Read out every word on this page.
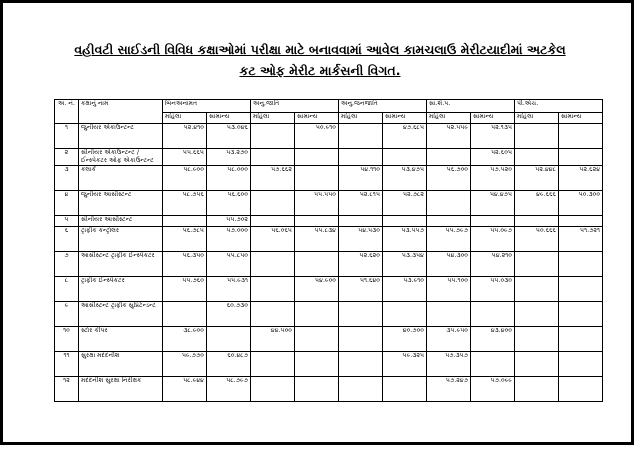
વહીવટી સાઈડની વિવિધ કક્ષાઓમાં પરીક્ષા માટે બનાવવામાં આવેલ કામચલાઉ મેરીટયાદીમાં અટકેલ
કટ ઓફ મેરીટ માર્કસની વિગત.
અ. નં.	કક્ષાનું નામ	બિનઅનામત		અનુ.જાતિ		અનુ.જનજાતિ		સા.શૈ.પ.		પી.એચ.	
		મહિલા	સામાન્ય	મહિલા	સામાન્ય	મહિલા	સામાન્ય	મહિલા	સામાન્ય	મહિલા	સામાન્ય
૧	જુનીયર એકાઉન્ટન્ટ	૫૨.૪૧૦	૫૩.૦૪૬		૫૦.૯૧૦		૪૭.૬૮૫	૫૨.૫૫૯	૫૨.૧૩૫		
૨	સીનીયર એકાઉન્ટન્ટ / ઈન્સ્પેકટર ઓફ એકાઉન્ટન્ટ	૫૫.૬૬૫	૫૩.૨૭૦						૫૨.૬૦૫		
૩	કલાર્ક	૫૮.૯૦૦	૫૮.૦૦૦	૫૭.૬૬૨		૫૪.૧૧૦	૫૩.૪૭૫	૫૬.૭૦૦	૫૭.૫૨૦	૫૨.૪૪૮	૫૨.૬૨૪
૪	જુનીયર આસીસ્ટન્ટ	૫૮.૭૫૬	૫૬.૬૦૦		૫૫.૫૫૦	૫૨.૮૧૫	૫૨.૭૮૨		૫૪.૪૭૫	૪૯.૬૬૬	૫૦.૩૦૦
૫	સીનીયર આસીસ્ટન્ટ		૫૫.૭૦૨								
૬	ટ્રાફીક કન્ટ્રોલર	૫૬.૭૮૫	૫૭.૦૦૦	૫૬.૦૬૫	૫૫.૮૩૪	૫૪.૫૩૦	૫૩.૫૫૭	૫૫.૭૯૭	૫૫.૦૯૭	૫૦.૬૬૬	૫૧.૭૨૧
૭	આસીસ્ટન્ટ ટ્રાફીક ઈન્સ્પેકટર	૫૬.૩૫૦	૫૫.૮૫૦			૫૨.૬૨૦	૫૩.૩૫૪	૫૪.૩૦૦	૫૪.૨૧૦		
૮	ટ્રાફીક ઈન્સ્પેકટર	૫૫.૭૬૦	૫૫.૯૩૧		૫૪.૯૦૦	૫૧.૬૪૦	૫૩.૯૧૦	૫૫.૧૦૦	૫૫.૦૩૦		
૯	આસીસ્ટન્ટ ટ્રાફીક સુપ્રિટેન્ડન્ટ		૬૦.૭૩૦								
૧૦	સ્ટોર કીપર	૩૮.૯૦૦		૪૪.૫૦૦			૪૦.૭૦૦	૩૫.૯૫૦	૪૩.૪૦૦		
૧૧	સુરક્ષા મદદનીશ	૫૯.૭૭૦	૬૦.૪૮૭				૫૯.૩૨૫	૫૭.૩૫૭			
૧૨	મદદનીશ સુરક્ષા નિરીક્ષક	૫૮.૯૪૪	૫૮.૭૯૭					૫૭.૨૪૭	૫૭.૦૯૯		
